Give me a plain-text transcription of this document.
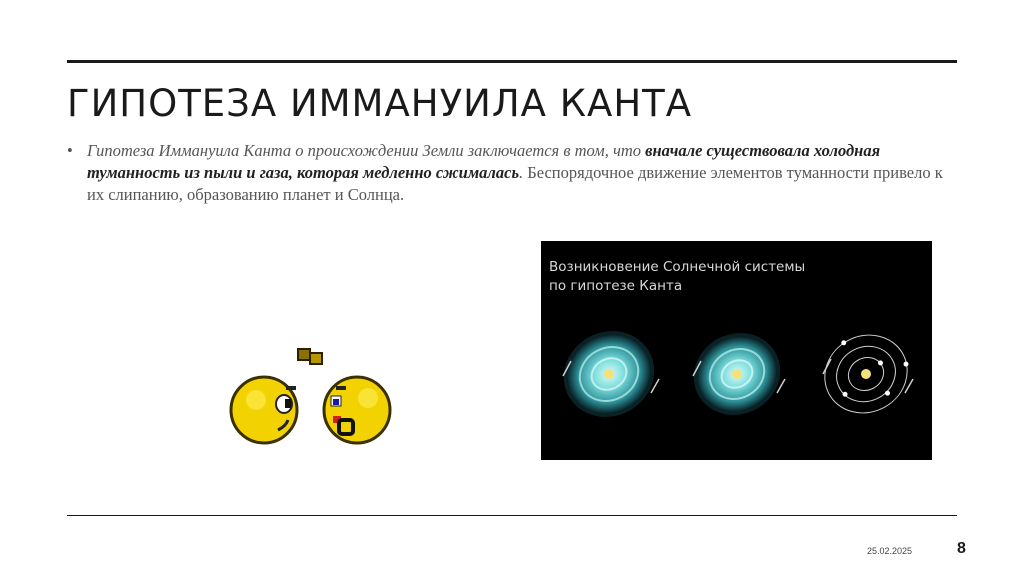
ГИПОТЕЗА ИММАНУИЛА КАНТА
• Гипотеза Иммануила Канта о происхождении Земли заключается в том, что вначале существовала холодная туманность из пыли и газа, которая медленно сжималась. Беспорядочное движение элементов туманности привело к их слипанию, образованию планет и Солнца.
Возникновение Солнечной системы
по гипотезе Канта
25.02.2025	8
